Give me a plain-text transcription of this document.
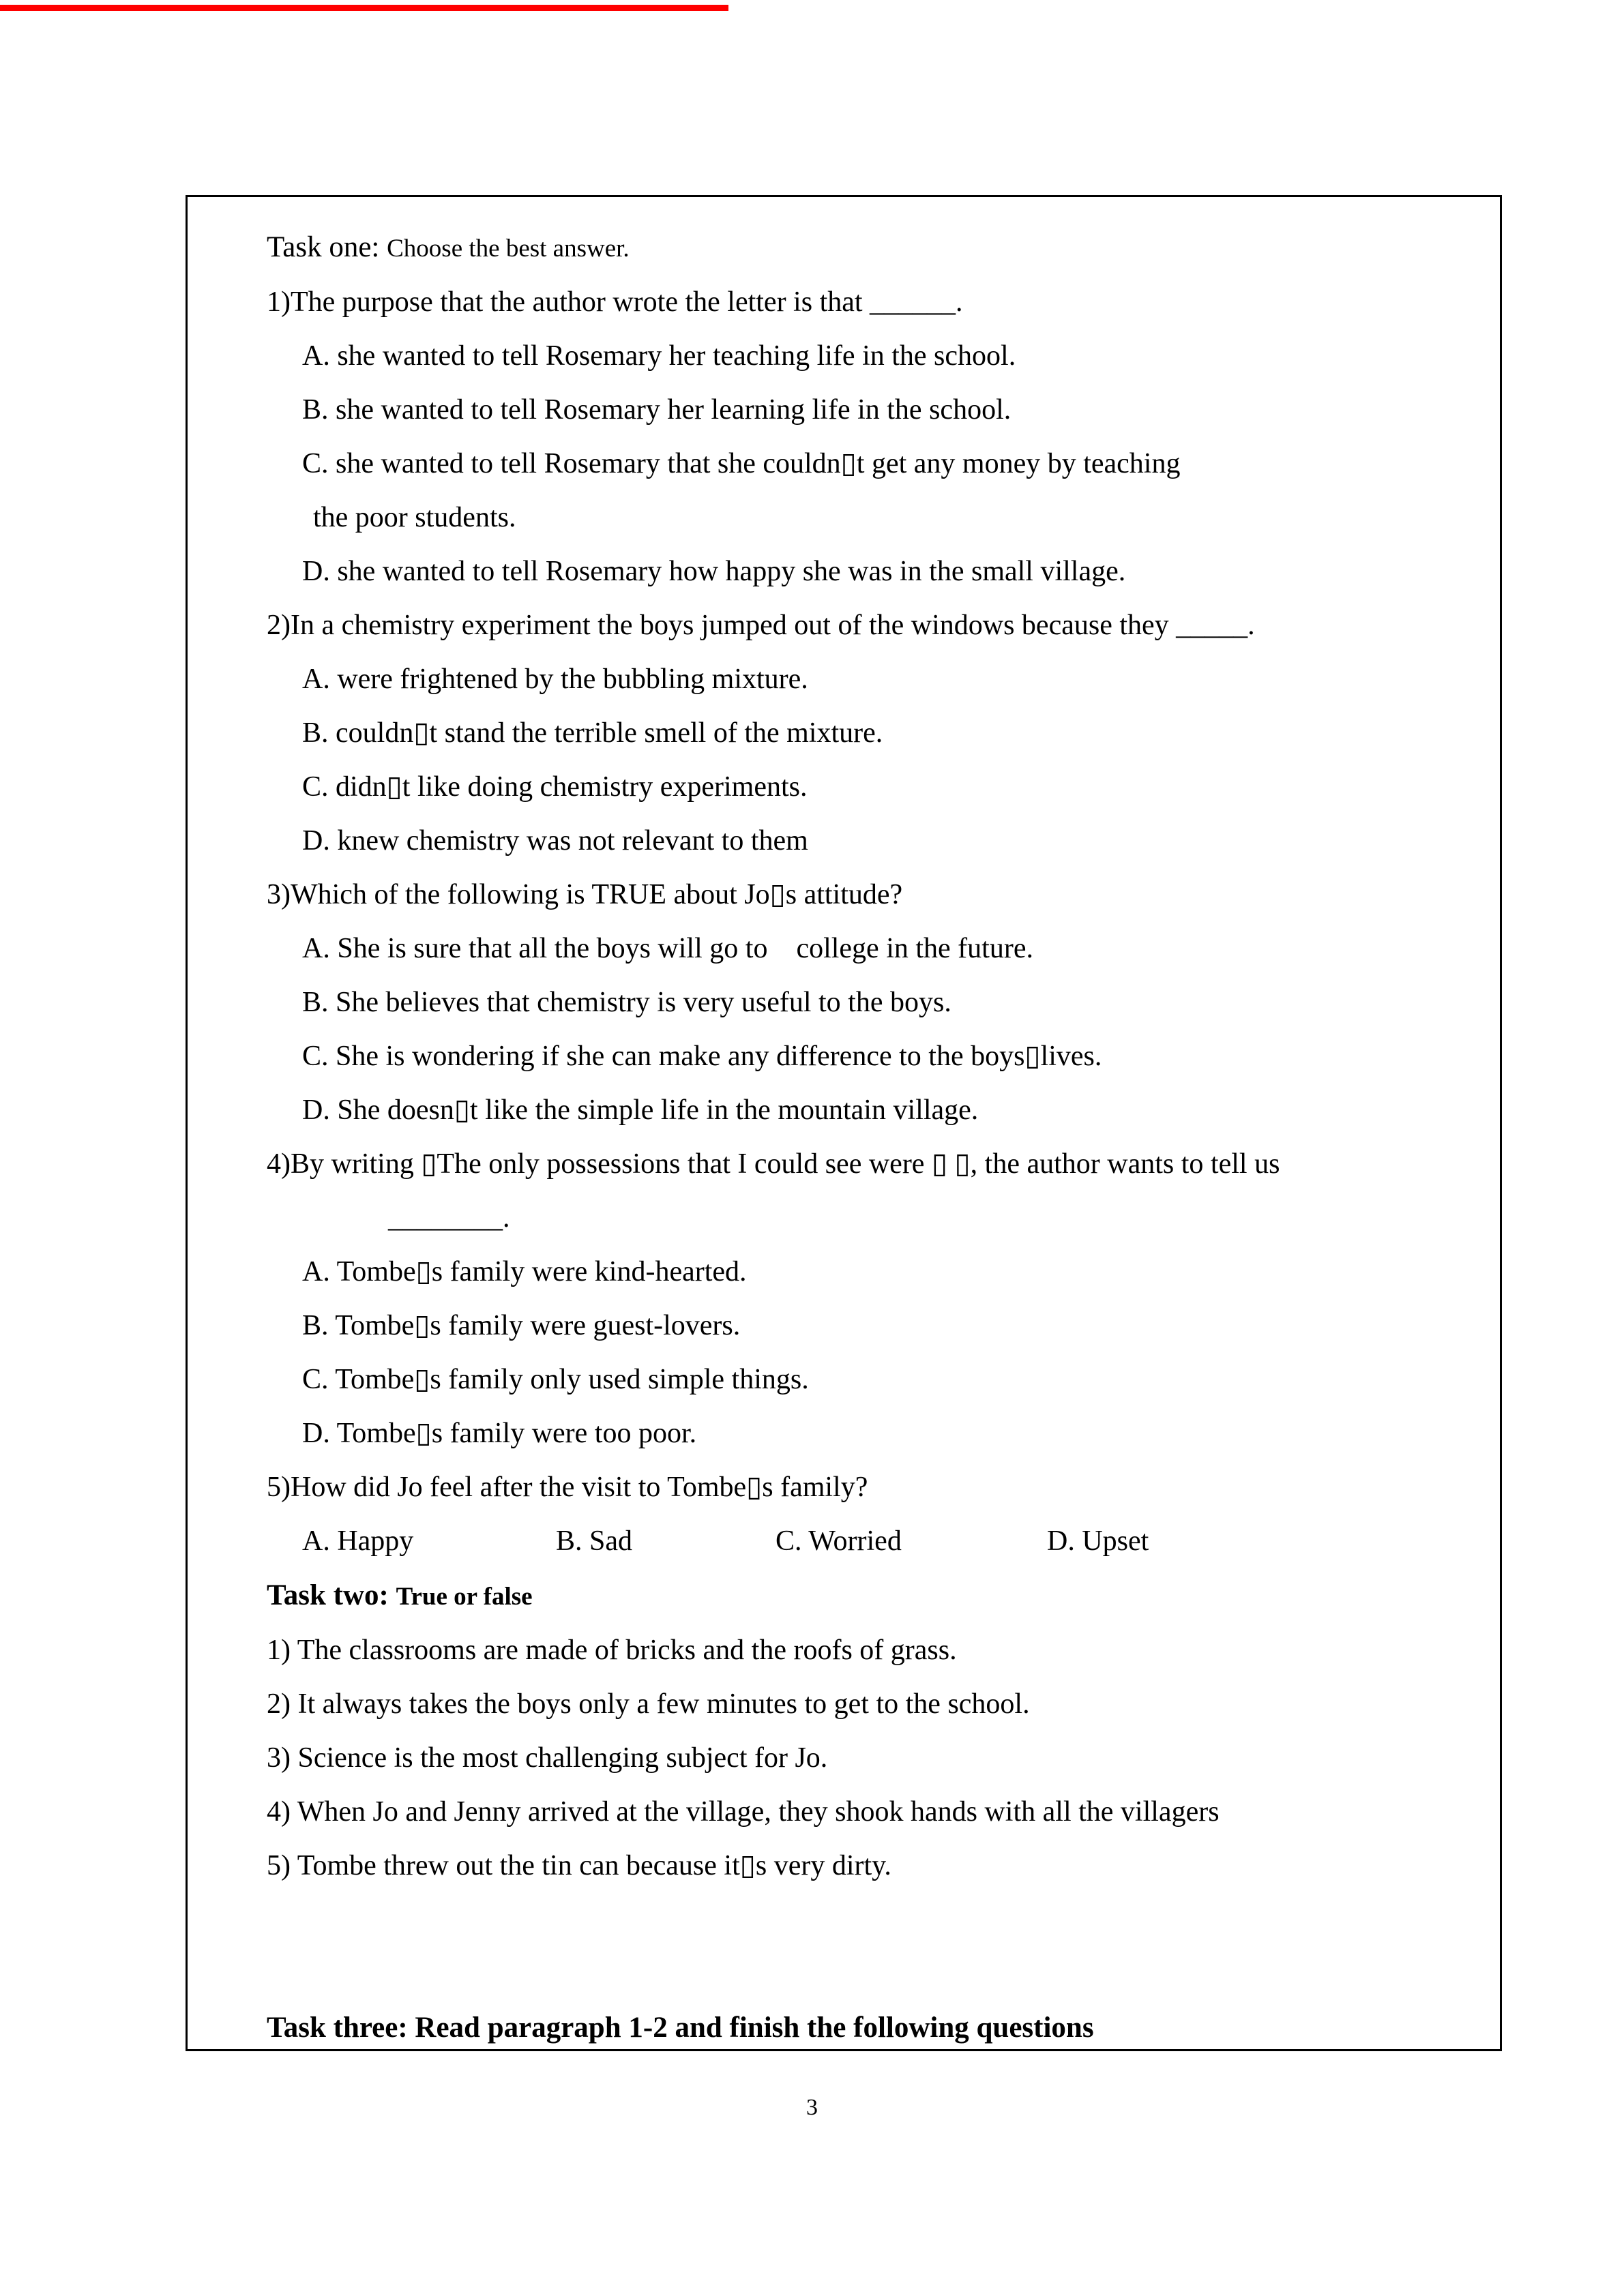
Task one: Choose the best answer.
1)The purpose that the author wrote the letter is that ______.
A. she wanted to tell Rosemary her teaching life in the school.
B. she wanted to tell Rosemary her learning life in the school.
C. she wanted to tell Rosemary that she couldn▯t get any money by teaching
the poor students.
D. she wanted to tell Rosemary how happy she was in the small village.
2)In a chemistry experiment the boys jumped out of the windows because they _____.
A. were frightened by the bubbling mixture.
B. couldn▯t stand the terrible smell of the mixture.
C. didn▯t like doing chemistry experiments.
D. knew chemistry was not relevant to them
3)Which of the following is TRUE about Jo▯s attitude?
A. She is sure that all the boys will go to    college in the future.
B. She believes that chemistry is very useful to the boys.
C. She is wondering if she can make any difference to the boys▯lives.
D. She doesn▯t like the simple life in the mountain village.
4)By writing ▯The only possessions that I could see were ▯ ▯, the author wants to tell us
________.
A. Tombe▯s family were kind-hearted.
B. Tombe▯s family were guest-lovers.
C. Tombe▯s family only used simple things.
D. Tombe▯s family were too poor.
5)How did Jo feel after the visit to Tombe▯s family?
A. Happy	B. Sad	C. Worried	D. Upset
Task two: True or false
1) The classrooms are made of bricks and the roofs of grass.
2) It always takes the boys only a few minutes to get to the school.
3) Science is the most challenging subject for Jo.
4) When Jo and Jenny arrived at the village, they shook hands with all the villagers
5) Tombe threw out the tin can because it▯s very dirty.

Task three: Read paragraph 1-2 and finish the following questions
3
